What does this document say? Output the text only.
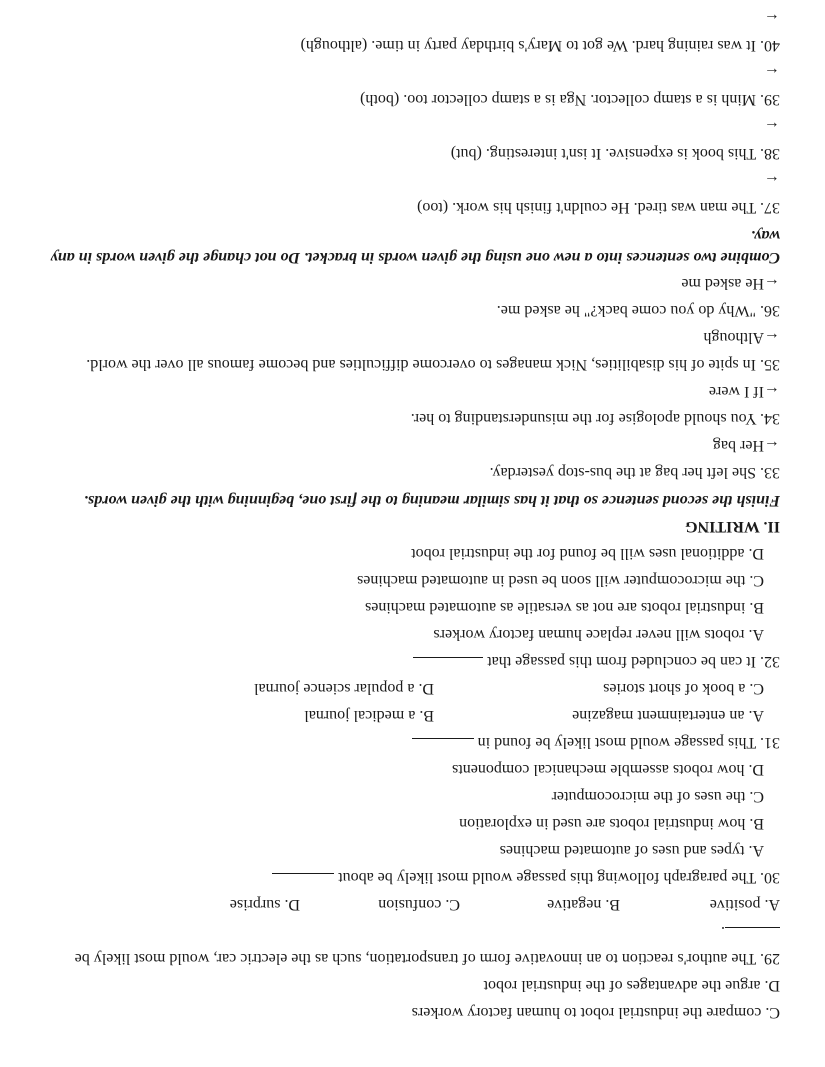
C. compare the industrial robot to human factory workers
D. argue the advantages of the industrial robot
29. The author's reaction to an innovative form of transportation, such as the electric car, would most likely be .
A. positive
B. negative
C. confusion
D. surprise
30. The paragraph following this passage would most likely be about
A. types and uses of automated machines
B. how industrial robots are used in exploration
C. the uses of the microcomputer
D. how robots assemble mechanical components
31. This passage would most likely be found in
A. an entertainment magazine
B. a medical journal
C. a book of short stories
D. a popular science journal
32. It can be concluded from this passage that
A. robots will never replace human factory workers
B. industrial robots are not as versatile as automated machines
C. the microcomputer will soon be used in automated machines
D. additional uses will be found for the industrial robot
II. WRITING
Finish the second sentence so that it has similar meaning to the first one, beginning with the given words.
33. She left her bag at the bus-stop yesterday.
←Her bag
34. You should apologise for the misunderstanding to her.
←If I were
35. In spite of his disabilities, Nick manages to overcome difficulties and become famous all over the world.
←Although
36. "Why do you come back?" he asked me.
←He asked me
Combine two sentences into a new one using the given words in bracket. Do not change the given words in any way.
37. The man was tired. He couldn't finish his work. (too)
←
38. This book is expensive. It isn't interesting. (but)
←
39. Minh is a stamp collector. Nga is a stamp collector too. (both)
←
40. It was raining hard. We got to Mary's birthday party in time. (although)
←
